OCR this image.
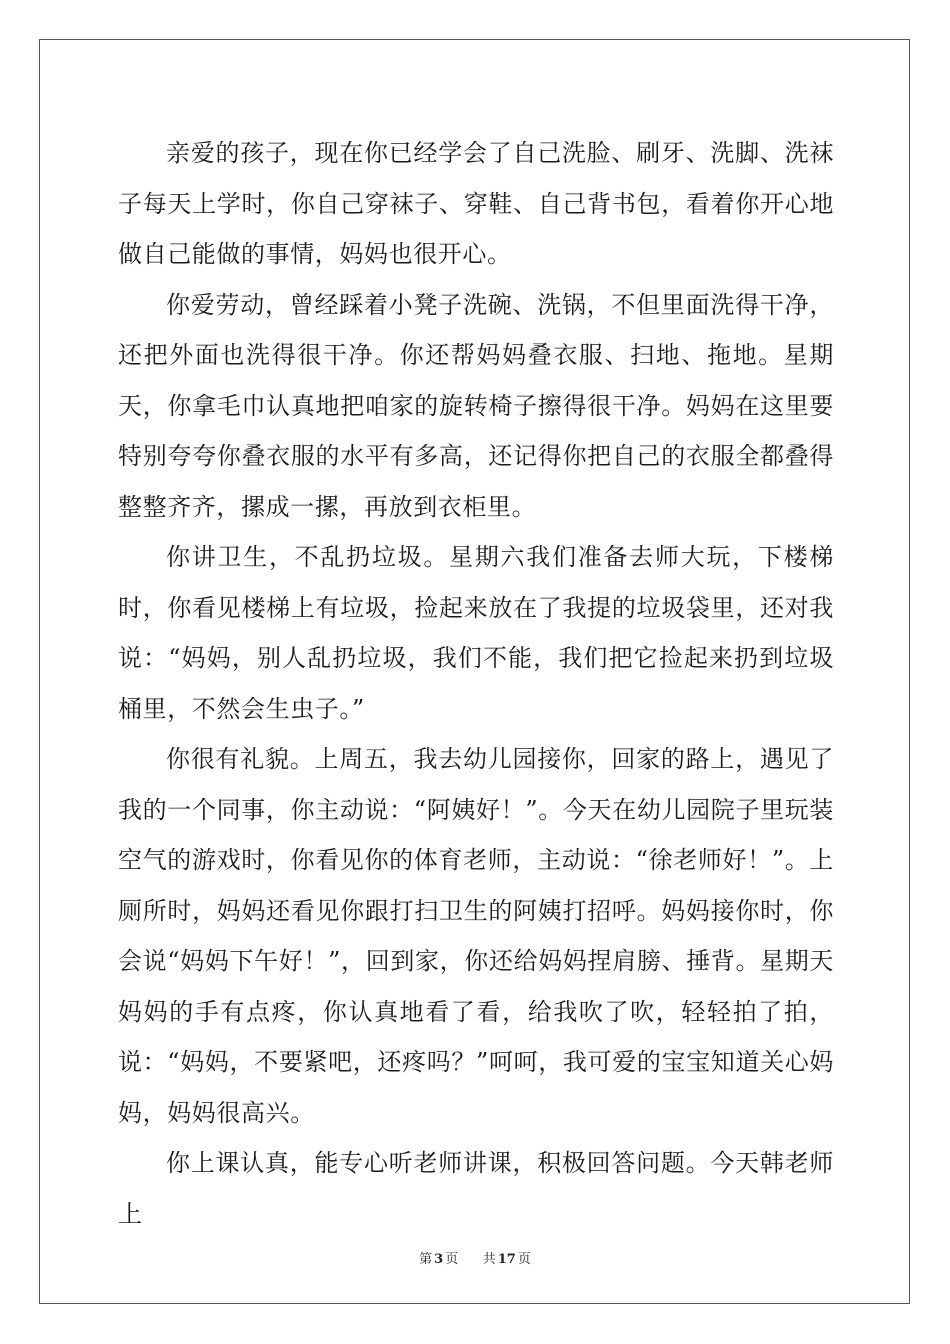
亲爱的孩子，现在你已经学会了自己洗脸、刷牙、洗脚、洗袜子每天上学时，你自己穿袜子、穿鞋、自己背书包，看着你开心地做自己能做的事情，妈妈也很开心。

你爱劳动，曾经踩着小凳子洗碗、洗锅，不但里面洗得干净，还把外面也洗得很干净。你还帮妈妈叠衣服、扫地、拖地。星期天，你拿毛巾认真地把咱家的旋转椅子擦得很干净。妈妈在这里要特别夸夸你叠衣服的水平有多高，还记得你把自己的衣服全都叠得整整齐齐，摞成一摞，再放到衣柜里。

你讲卫生，不乱扔垃圾。星期六我们准备去师大玩，下楼梯时，你看见楼梯上有垃圾，捡起来放在了我提的垃圾袋里，还对我说：“妈妈，别人乱扔垃圾，我们不能，我们把它捡起来扔到垃圾桶里，不然会生虫子。”

你很有礼貌。上周五，我去幼儿园接你，回家的路上，遇见了我的一个同事，你主动说：“阿姨好！”。今天在幼儿园院子里玩装空气的游戏时，你看见你的体育老师，主动说：“徐老师好！”。上厕所时，妈妈还看见你跟打扫卫生的阿姨打招呼。妈妈接你时，你会说“妈妈下午好！”，回到家，你还给妈妈捏肩膀、捶背。星期天妈妈的手有点疼，你认真地看了看，给我吹了吹，轻轻拍了拍，说：“妈妈，不要紧吧，还疼吗？”呵呵，我可爱的宝宝知道关心妈妈，妈妈很高兴。

你上课认真，能专心听老师讲课，积极回答问题。今天韩老师上

第 3 页 共 17 页
